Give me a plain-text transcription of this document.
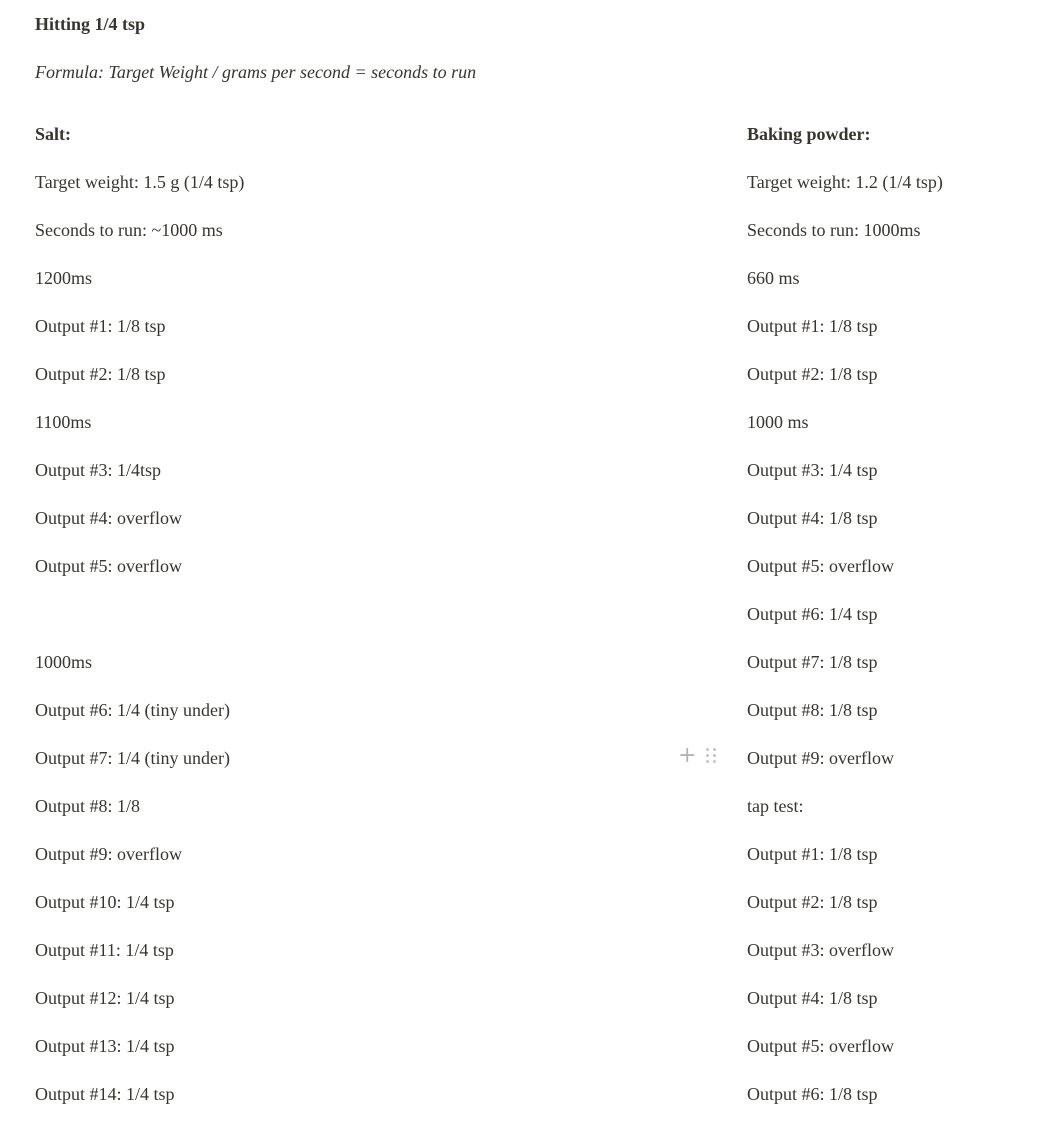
Hitting 1/4 tsp

Formula: Target Weight / grams per second = seconds to run

Salt:
Target weight: 1.5 g (1/4 tsp)
Seconds to run: ~1000 ms
1200ms
Output #1: 1/8 tsp
Output #2: 1/8 tsp
1100ms
Output #3: 1/4tsp
Output #4: overflow
Output #5: overflow
1000ms
Output #6: 1/4 (tiny under)
Output #7: 1/4 (tiny under)
Output #8: 1/8
Output #9: overflow
Output #10: 1/4 tsp
Output #11: 1/4 tsp
Output #12: 1/4 tsp
Output #13: 1/4 tsp
Output #14: 1/4 tsp
Baking powder:
Target weight: 1.2 (1/4 tsp)
Seconds to run: 1000ms
660 ms
Output #1: 1/8 tsp
Output #2: 1/8 tsp
1000 ms
Output #3: 1/4 tsp
Output #4: 1/8 tsp
Output #5: overflow
Output #6: 1/4 tsp
Output #7: 1/8 tsp
Output #8: 1/8 tsp
Output #9: overflow
tap test:
Output #1: 1/8 tsp
Output #2: 1/8 tsp
Output #3: overflow
Output #4: 1/8 tsp
Output #5: overflow
Output #6: 1/8 tsp
+
